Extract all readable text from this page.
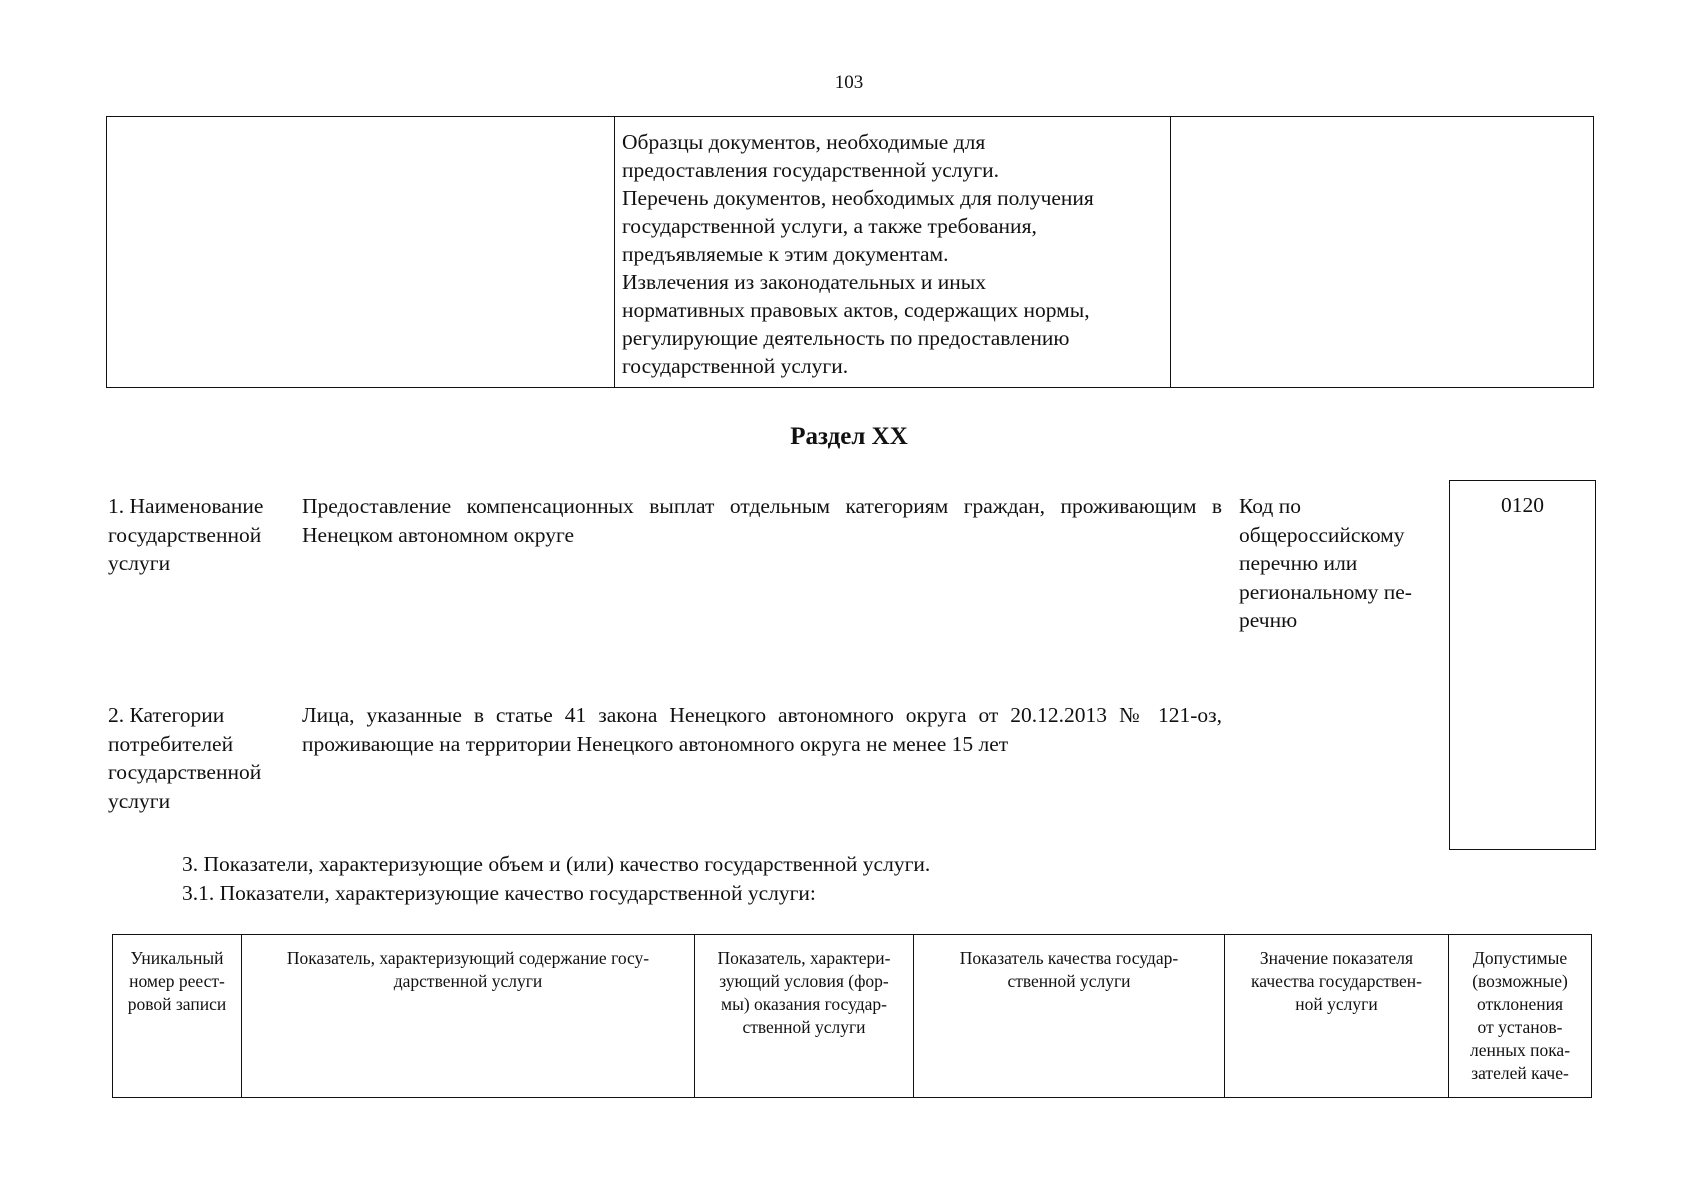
103

Образцы документов, необходимые для

предоставления государственной услуги.

Перечень документов, необходимых для получения

государственной услуги, а также требования,

предъявляемые к этим документам.

Извлечения из законодательных и иных

нормативных правовых актов, содержащих нормы,

регулирующие деятельность по предоставлению

государственной услуги.

Раздел XX
1. Наименование
государственной
услуги
Предоставление компенсационных выплат отдельным категориям граждан, проживающим в Ненецком автономном округе
Код по
общероссийскому
перечню или
региональному пе-
речню
0120
2. Категории
потребителей
государственной
услуги
Лица, указанные в статье 41 закона Ненецкого автономного округа от 20.12.2013 № 121-оз, проживающие на территории Ненецкого автономного округа не менее 15 лет
3. Показатели, характеризующие объем и (или) качество государственной услуги.
3.1. Показатели, характеризующие качество государственной услуги:
Уникальный
номер реест-
ровой записи
Показатель, характеризующий содержание госу-
дарственной услуги
Показатель, характери-
зующий условия (фор-
мы) оказания государ-
ственной услуги
Показатель качества государ-
ственной услуги
Значение показателя
качества государствен-
ной услуги
Допустимые
(возможные)
отклонения
от установ-
ленных пока-
зателей каче-
